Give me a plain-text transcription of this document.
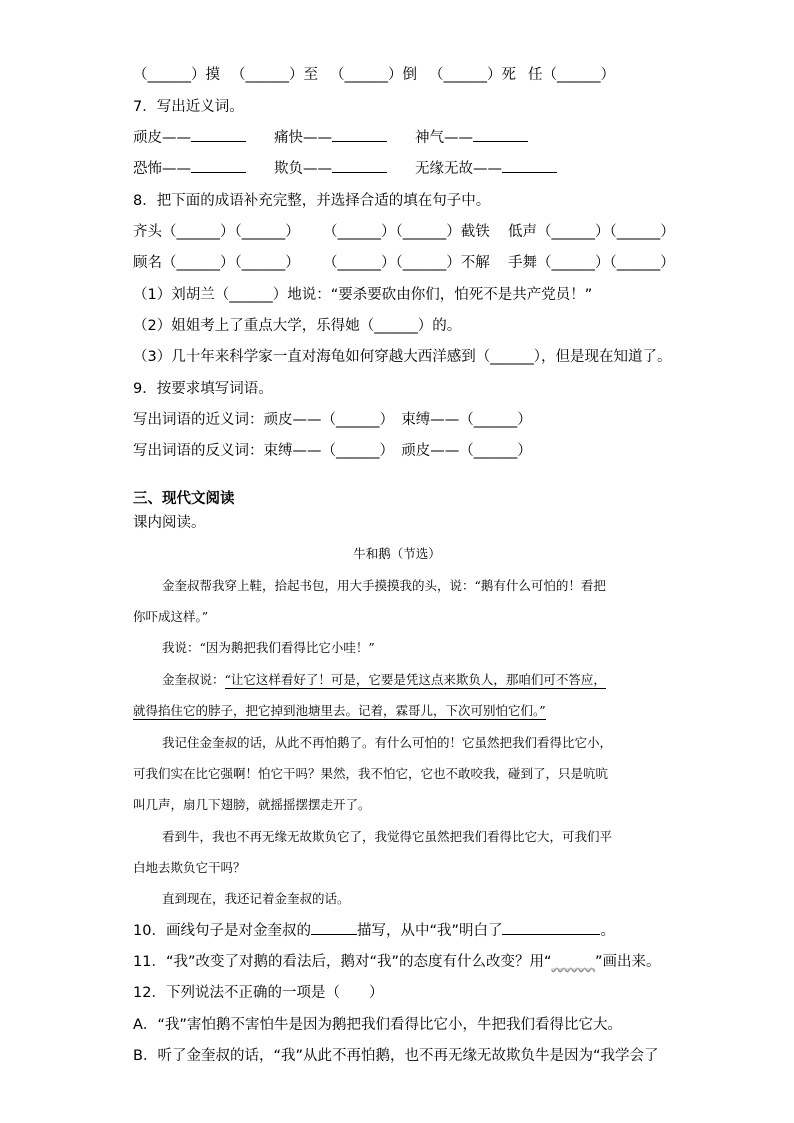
（______）摸 （______）至 （______）倒 （______）死 任（______）
7．写出近义词。
顽皮——	痛快——	神气——
恐怖——	欺负——	无缘无故——
8．把下面的成语补充完整，并选择合适的填在句子中。
齐头（______）（______） （______）（______）截铁 低声（______）（______）
顾名（______）（______） （______）（______）不解 手舞（______）（______）
（1）刘胡兰（______）地说：“要杀要砍由你们，怕死不是共产党员！”
（2）姐姐考上了重点大学，乐得她（______）的。
（3）几十年来科学家一直对海龟如何穿越大西洋感到（______），但是现在知道了。
9．按要求填写词语。
写出词语的近义词：顽皮——（______）　束缚——（______）
写出词语的反义词：束缚——（______）　顽皮——（______）
三、现代文阅读
课内阅读。
牛和鹅（节选）
金奎叔帮我穿上鞋，拾起书包，用大手摸摸我的头，说：“鹅有什么可怕的！看把
你吓成这样。”
我说：“因为鹅把我们看得比它小哇！”
金奎叔说：“让它这样看好了！可是，它要是凭这点来欺负人，那咱们可不答应，
就得掐住它的脖子，把它掉到池塘里去。记着，霖哥儿，下次可别怕它们。”
我记住金奎叔的话，从此不再怕鹅了。有什么可怕的！它虽然把我们看得比它小，
可我们实在比它强啊！怕它干吗？果然，我不怕它，它也不敢咬我，碰到了，只是吭吭
叫几声，扇几下翅膀，就摇摇摆摆走开了。
看到牛，我也不再无缘无故欺负它了，我觉得它虽然把我们看得比它大，可我们平
白地去欺负它干吗？
直到现在，我还记着金奎叔的话。
10．画线句子是对金奎叔的	描写，从中“我”明白了	。
11．“我”改变了对鹅的看法后，鹅对“我”的态度有什么改变？用“______”画出来。
12．下列说法不正确的一项是（　　）
A．“我”害怕鹅不害怕牛是因为鹅把我们看得比它小，牛把我们看得比它大。
B．听了金奎叔的话，“我”从此不再怕鹅，也不再无缘无故欺负牛是因为“我学会了
